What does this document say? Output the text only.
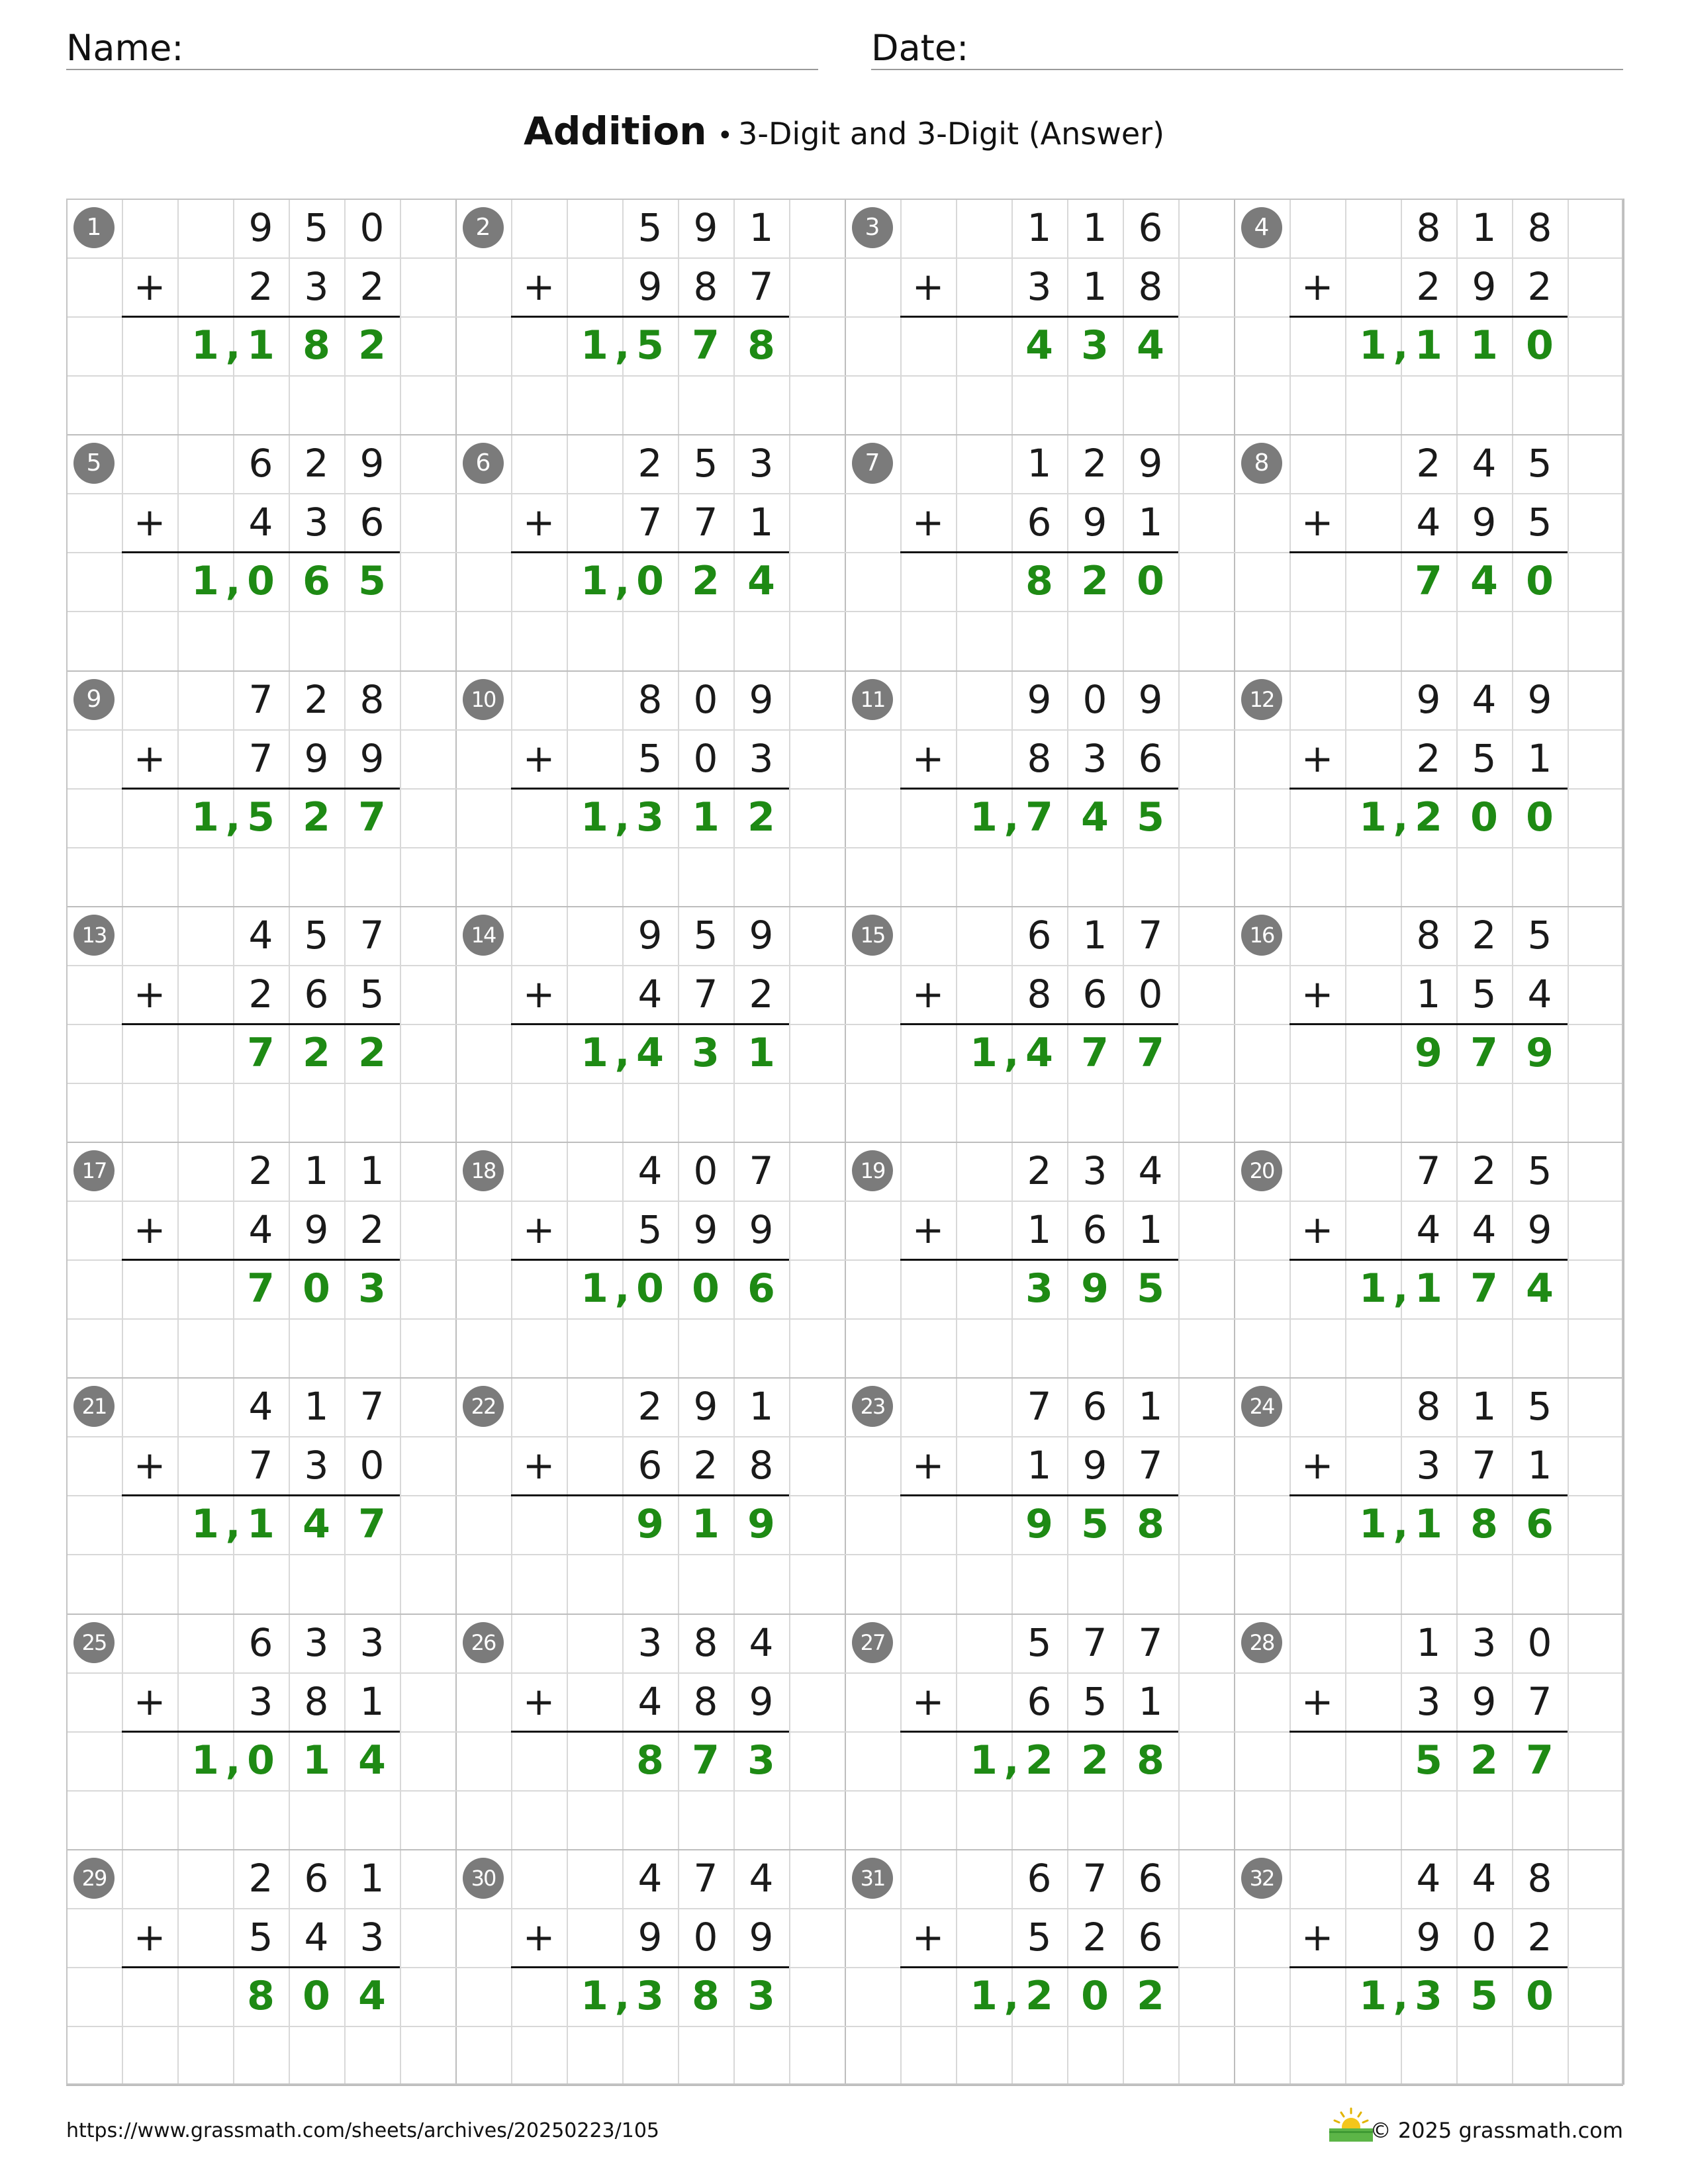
Name:	Date:
Addition • 3-Digit and 3-Digit (Answer)
1	9 5 0
+	2 3 2
1 1 8 2
,
2	5 9 1
+	9 8 7
1 5 7 8
,
3	1 1 6
+	3 1 8
4 3 4
4	8 1 8
+	2 9 2
1 1 1 0
,
5	6 2 9
+	4 3 6
1 0 6 5
,
6	2 5 3
+	7 7 1
1 0 2 4
,
7	1 2 9
+	6 9 1
8 2 0
8	2 4 5
+	4 9 5
7 4 0
9	7 2 8
+	7 9 9
1 5 2 7
,
10	8 0 9
+	5 0 3
1 3 1 2
,
11	9 0 9
+	8 3 6
1 7 4 5
,
12	9 4 9
+	2 5 1
1 2 0 0
,
13	4 5 7
+	2 6 5
7 2 2
14	9 5 9
+	4 7 2
1 4 3 1
,
15	6 1 7
+	8 6 0
1 4 7 7
,
16	8 2 5
+	1 5 4
9 7 9
17	2 1 1
+	4 9 2
7 0 3
18	4 0 7
+	5 9 9
1 0 0 6
,
19	2 3 4
+	1 6 1
3 9 5
20	7 2 5
+	4 4 9
1 1 7 4
,
21	4 1 7
+	7 3 0
1 1 4 7
,
22	2 9 1
+	6 2 8
9 1 9
23	7 6 1
+	1 9 7
9 5 8
24	8 1 5
+	3 7 1
1 1 8 6
,
25	6 3 3
+	3 8 1
1 0 1 4
,
26	3 8 4
+	4 8 9
8 7 3
27	5 7 7
+	6 5 1
1 2 2 8
,
28	1 3 0
+	3 9 7
5 2 7
29	2 6 1
+	5 4 3
8 0 4
30	4 7 4
+	9 0 9
1 3 8 3
,
31	6 7 6
+	5 2 6
1 2 0 2
,
32	4 4 8
+	9 0 2
1 3 5 0
,
https://www.grassmath.com/sheets/archives/20250223/105	© 2025 grassmath.com
